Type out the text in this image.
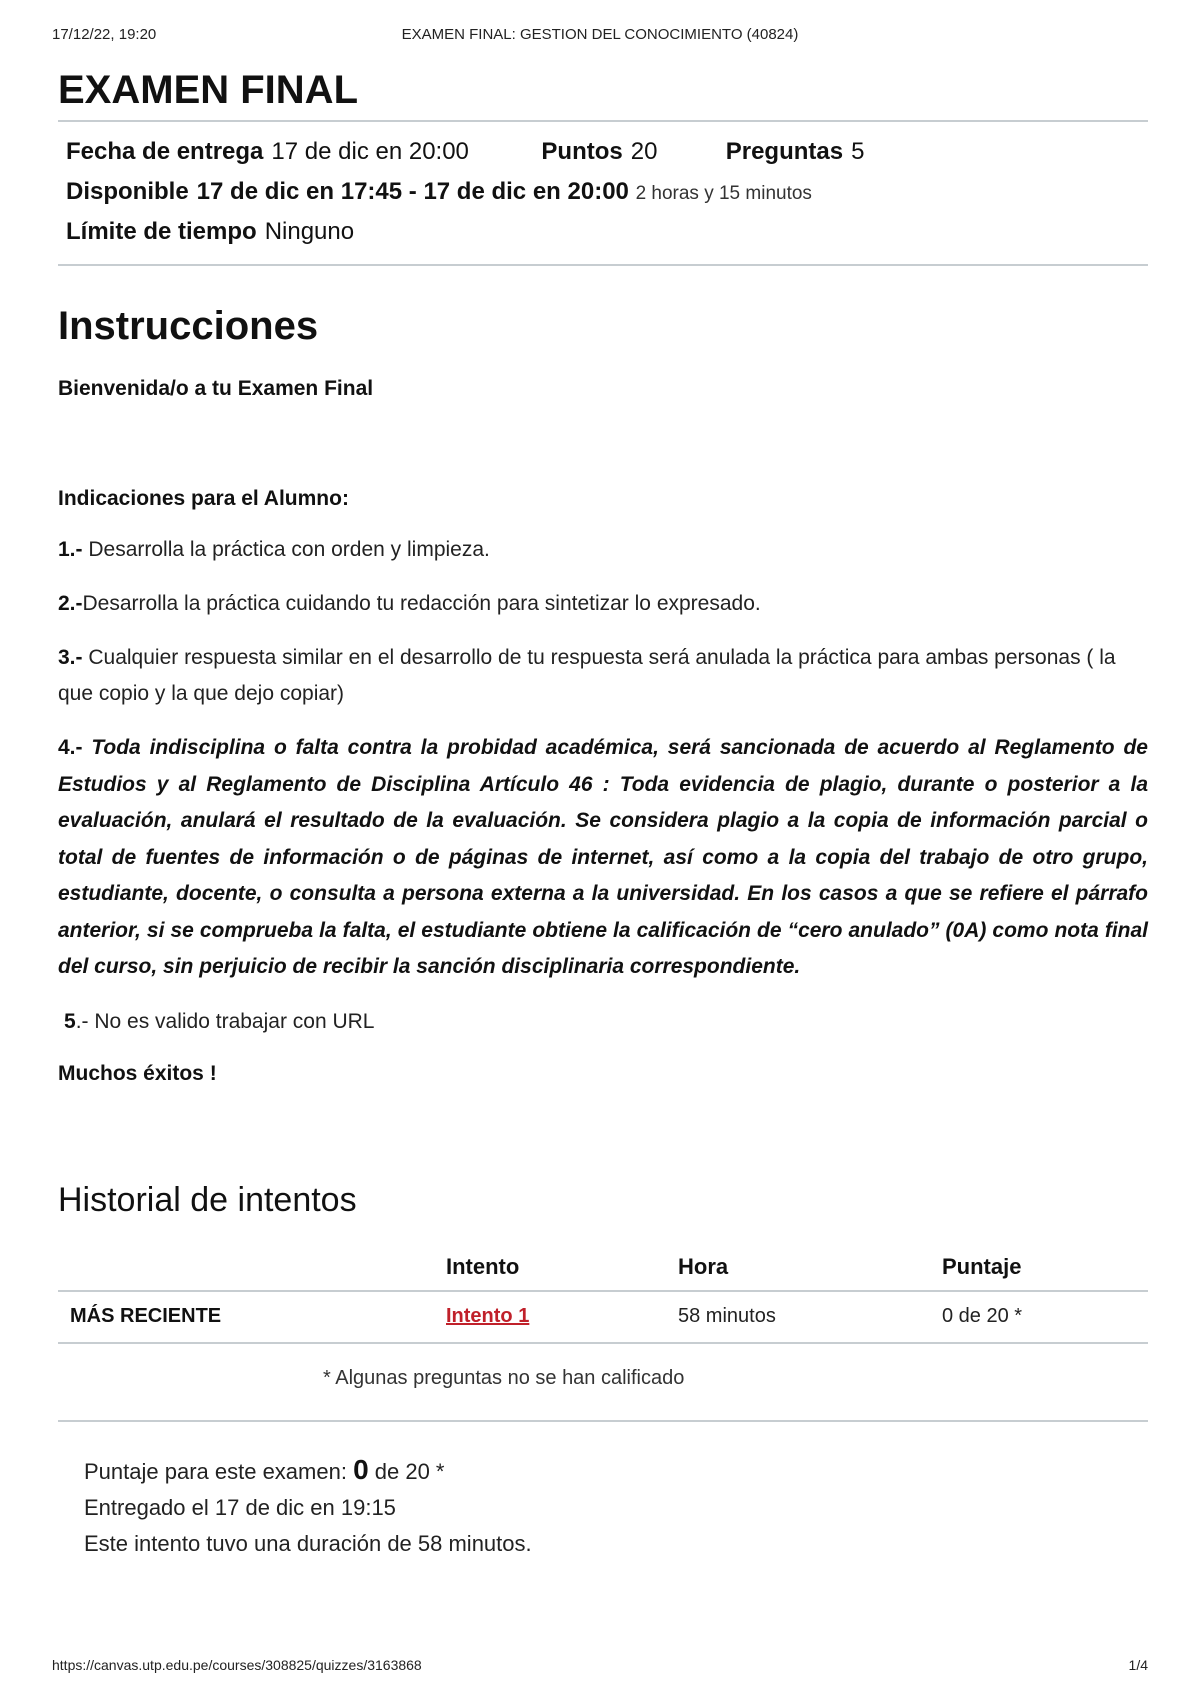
17/12/22, 19:20	EXAMEN FINAL: GESTION DEL CONOCIMIENTO (40824)
EXAMEN FINAL
Fecha de entrega 17 de dic en 20:00	Puntos 20	Preguntas 5
Disponible 17 de dic en 17:45 - 17 de dic en 20:00 2 horas y 15 minutos
Límite de tiempo Ninguno
Instrucciones

Bienvenida/o a tu Examen Final

Indicaciones para el Alumno:

1.- Desarrolla la práctica con orden y limpieza.

2.-Desarrolla la práctica cuidando tu redacción para sintetizar lo expresado.

3.- Cualquier respuesta similar en el desarrollo de tu respuesta será anulada la práctica para ambas personas ( la que copio y la que dejo copiar)

4.- Toda indisciplina o falta contra la probidad académica, será sancionada de acuerdo al Reglamento de Estudios y al Reglamento de Disciplina Artículo 46 : Toda evidencia de plagio, durante o posterior a la evaluación, anulará el resultado de la evaluación. Se considera plagio a la copia de información parcial o total de fuentes de información o de páginas de internet, así como a la copia del trabajo de otro grupo, estudiante, docente, o consulta a persona externa a la universidad. En los casos a que se refiere el párrafo anterior, si se comprueba la falta, el estudiante obtiene la calificación de “cero anulado” (0A) como nota final del curso, sin perjuicio de recibir la sanción disciplinaria correspondiente.

5.- No es valido trabajar con URL

Muchos éxitos !

Historial de intentos
	Intento	Hora	Puntaje
MÁS RECIENTE	Intento 1	58 minutos	0 de 20 *
* Algunas preguntas no se han calificado
Puntaje para este examen: 0 de 20 *
Entregado el 17 de dic en 19:15
Este intento tuvo una duración de 58 minutos.
https://canvas.utp.edu.pe/courses/308825/quizzes/3163868	1/4
